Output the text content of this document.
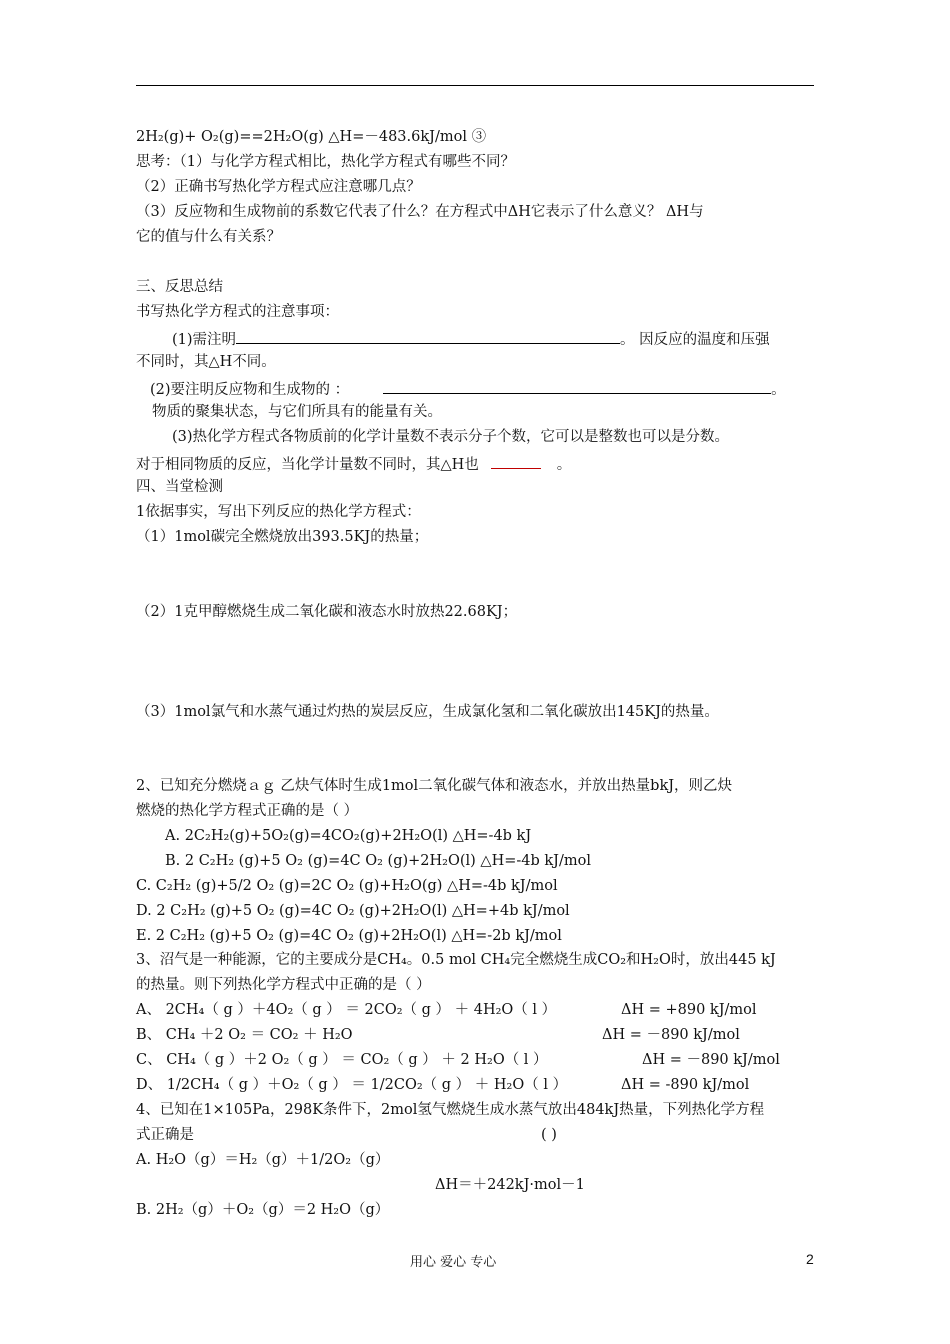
2H₂(g)+ O₂(g)==2H₂O(g) △H=－483.6kJ/mol ③
思考：（1）与化学方程式相比，热化学方程式有哪些不同？
（2）正确书写热化学方程式应注意哪几点？
（3）反应物和生成物前的系数它代表了什么？在方程式中ΔH它表示了什么意义？ ΔH与
它的值与什么有关系？
三、反思总结
书写热化学方程式的注意事项：
(1)需注明	。 因反应的温度和压强
不同时，其△H不同。
(2)要注明反应物和生成物的 ：	。
物质的聚集状态，与它们所具有的能量有关。
(3)热化学方程式各物质前的化学计量数不表示分子个数，它可以是整数也可以是分数。
对于相同物质的反应，当化学计量数不同时，其△H也	。
四、当堂检测
1依据事实，写出下列反应的热化学方程式：
（1）1mol碳完全燃烧放出393.5KJ的热量；
（2）1克甲醇燃烧生成二氧化碳和液态水时放热22.68KJ；
（3）1mol氯气和水蒸气通过灼热的炭层反应，生成氯化氢和二氧化碳放出145KJ的热量。
2、已知充分燃烧ａｇ 乙炔气体时生成1mol二氧化碳气体和液态水，并放出热量bkJ，则乙炔
燃烧的热化学方程式正确的是（ ）
A. 2C₂H₂(g)+5O₂(g)=4CO₂(g)+2H₂O(l) △H=-4b kJ
B. 2 C₂H₂ (g)+5 O₂ (g)=4C O₂ (g)+2H₂O(l) △H=-4b kJ/mol
C. C₂H₂ (g)+5/2 O₂ (g)=2C O₂ (g)+H₂O(g) △H=-4b kJ/mol
D. 2 C₂H₂ (g)+5 O₂ (g)=4C O₂ (g)+2H₂O(l) △H=+4b kJ/mol
E. 2 C₂H₂ (g)+5 O₂ (g)=4C O₂ (g)+2H₂O(l) △H=-2b kJ/mol
3、沼气是一种能源，它的主要成分是CH₄。0.5 mol CH₄完全燃烧生成CO₂和H₂O时，放出445 kJ
的热量。则下列热化学方程式中正确的是（ ）
A、 2CH₄（ g ）＋4O₂（ g ） ＝ 2CO₂（ g ） ＋ 4H₂O（ l ）	ΔH = +890 kJ/mol
B、 CH₄ ＋2 O₂ ＝ CO₂ ＋ H₂O	ΔH = －890 kJ/mol
C、 CH₄（ g ）＋2 O₂（ g ） ＝ CO₂（ g ） ＋ 2 H₂O（ l ）	ΔH = －890 kJ/mol
D、 1/2CH₄（ g ）＋O₂（ g ） ＝ 1/2CO₂（ g ） ＋ H₂O（ l ）	ΔH = -890 kJ/mol
4、已知在1×105Pa，298K条件下，2mol氢气燃烧生成水蒸气放出484kJ热量，下列热化学方程
式正确是	( )
A. H₂O（g）＝H₂（g）＋1/2O₂（g）
ΔH＝＋242kJ·mol－1
B. 2H₂（g）＋O₂（g）＝2 H₂O（g）
用心 爱心 专心	2
